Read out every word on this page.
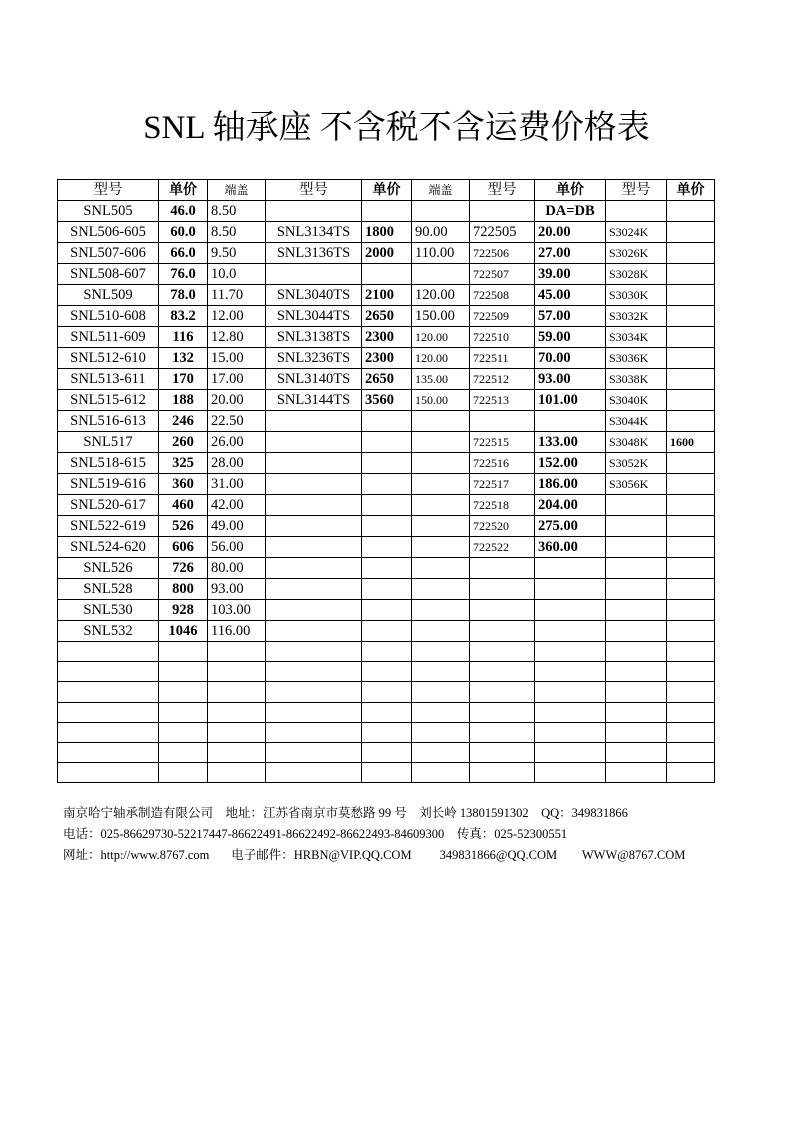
SNL 轴承座 不含税不含运费价格表
型号	单价	端盖	型号	单价	端盖	型号	单价	型号	单价
SNL505	46.0	8.50					DA=DB		
SNL506-605	60.0	8.50	SNL3134TS	1800	90.00	722505	20.00	S3024K	
SNL507-606	66.0	9.50	SNL3136TS	2000	110.00	722506	27.00	S3026K	
SNL508-607	76.0	10.0				722507	39.00	S3028K	
SNL509	78.0	11.70	SNL3040TS	2100	120.00	722508	45.00	S3030K	
SNL510-608	83.2	12.00	SNL3044TS	2650	150.00	722509	57.00	S3032K	
SNL511-609	116	12.80	SNL3138TS	2300	120.00	722510	59.00	S3034K	
SNL512-610	132	15.00	SNL3236TS	2300	120.00	722511	70.00	S3036K	
SNL513-611	170	17.00	SNL3140TS	2650	135.00	722512	93.00	S3038K	
SNL515-612	188	20.00	SNL3144TS	3560	150.00	722513	101.00	S3040K	
SNL516-613	246	22.50						S3044K	
SNL517	260	26.00				722515	133.00	S3048K	1600
SNL518-615	325	28.00				722516	152.00	S3052K	
SNL519-616	360	31.00				722517	186.00	S3056K	
SNL520-617	460	42.00				722518	204.00		
SNL522-619	526	49.00				722520	275.00		
SNL524-620	606	56.00				722522	360.00		
SNL526	726	80.00							
SNL528	800	93.00							
SNL530	928	103.00							
SNL532	1046	116.00							

南京哈宁轴承制造有限公司    地址：江苏省南京市莫愁路 99 号    刘长岭 13801591302    QQ：349831866
电话：025-86629730-52217447-86622491-86622492-86622493-84609300    传真：025-52300551
网址：http://www.8767.com       电子邮件：HRBN@VIP.QQ.COM         349831866@QQ.COM        WWW@8767.COM
